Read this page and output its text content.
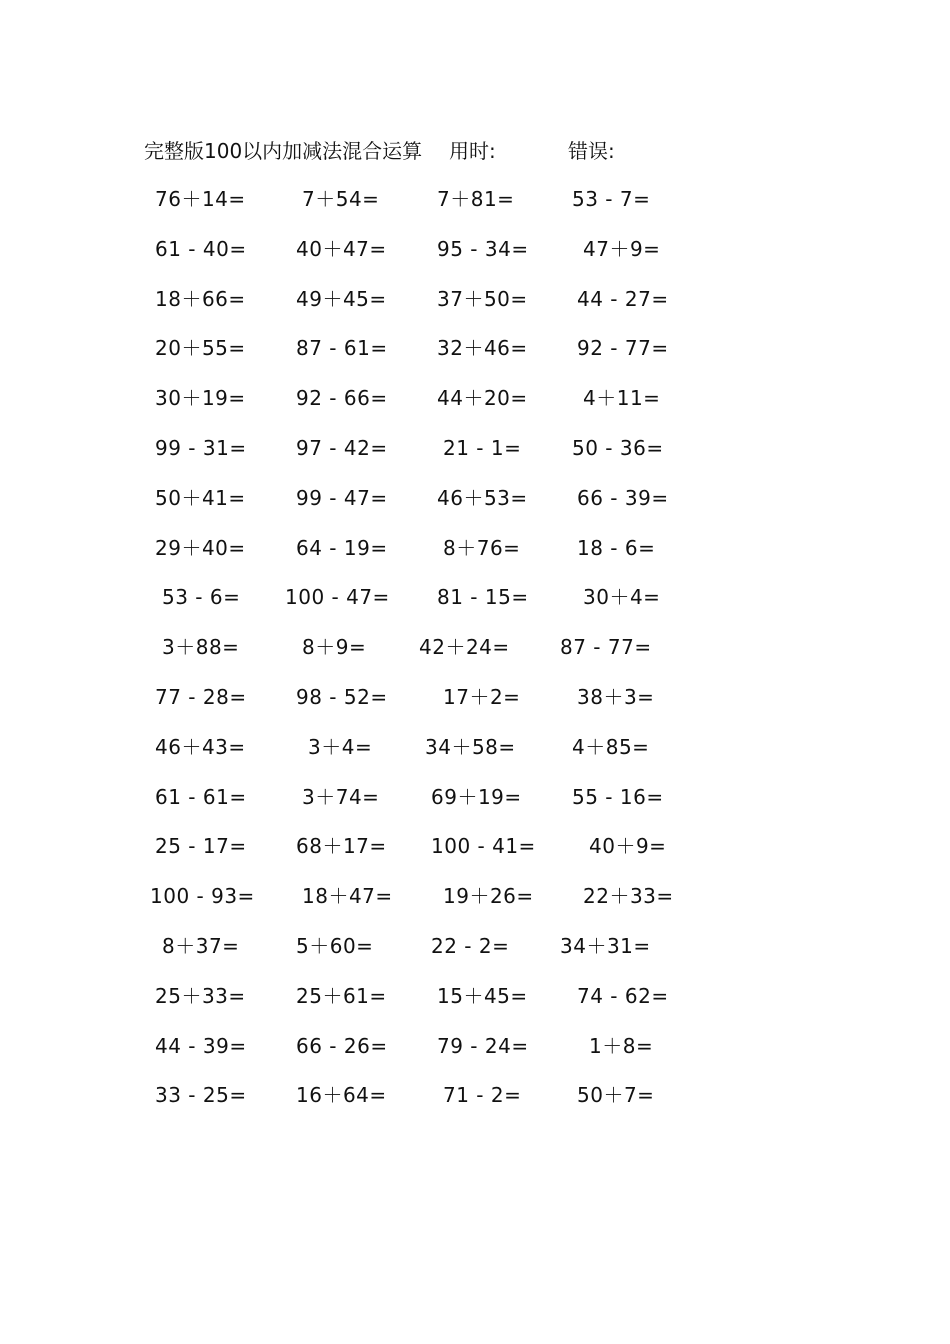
完整版100以内加减法混合运算 用时:	错误:
76＋14=	7＋54=	7＋81=	53 - 7=
61 - 40= 40＋47=	95 - 34=	47＋9=
18＋66=	49＋45=	37＋50= 44 - 27=
20＋55=	87 - 61= 32＋46= 92 - 77=
30＋19=	92 - 66= 44＋20=	4＋11=
99 - 31= 97 - 42=	21 - 1=	50 - 36=
50＋41=	99 - 47= 46＋53= 66 - 39=
29＋40=	64 - 19=	8＋76=	18 - 6=
53 - 6= 100 - 47= 81 - 15=	30＋4=
3＋88=	8＋9=	42＋24=	87 - 77=
77 - 28= 98 - 52=	17＋2=	38＋3=
46＋43=	3＋4=	34＋58=	4＋85=
61 - 61=	3＋74=	69＋19=	55 - 16=
25 - 17= 68＋17= 100 - 41=	40＋9=
100 - 93= 18＋47=	19＋26= 22＋33=
8＋37=	5＋60=	22 - 2=	34＋31=
25＋33=	25＋61=	15＋45= 74 - 62=
44 - 39= 66 - 26= 79 - 24=	1＋8=
33 - 25= 16＋64=	71 - 2=	50＋7=
